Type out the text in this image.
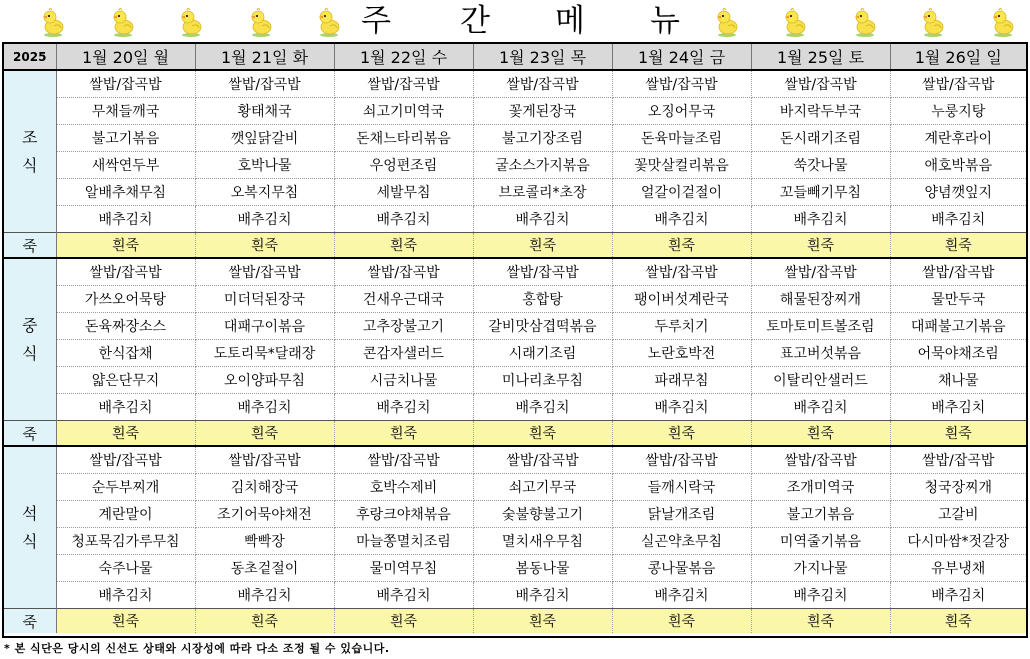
주 간 메 뉴
2025	1월 20일 월	1월 21일 화	1월 22일 수	1월 23일 목	1월 24일 금	1월 25일 토	1월 26일 일

조
식	쌀밥/잡곡밥	쌀밥/잡곡밥	쌀밥/잡곡밥	쌀밥/잡곡밥	쌀밥/잡곡밥	쌀밥/잡곡밥	쌀밥/잡곡밥
	무채들깨국	황태채국	쇠고기미역국	꽃게된장국	오징어무국	바지락두부국	누룽지탕
	불고기볶음	깻잎닭갈비	돈채느타리볶음	불고기장조림	돈육마늘조림	돈시래기조림	계란후라이
	새싹연두부	호박나물	우엉편조림	굴소스가지볶음	꽃맛살컬리볶음	쑥갓나물	애호박볶음
	알배추채무침	오복지무침	세발무침	브로콜리*초장	얼갈이겉절이	꼬들빼기무침	양념깻잎지
	배추김치	배추김치	배추김치	배추김치	배추김치	배추김치	배추김치
죽	흰죽	흰죽	흰죽	흰죽	흰죽	흰죽	흰죽

중
식	쌀밥/잡곡밥	쌀밥/잡곡밥	쌀밥/잡곡밥	쌀밥/잡곡밥	쌀밥/잡곡밥	쌀밥/잡곡밥	쌀밥/잡곡밥
	가쓰오어묵탕	미더덕된장국	건새우근대국	홍합탕	팽이버섯계란국	해물된장찌개	물만두국
	돈육짜장소스	대패구이볶음	고추장불고기	갈비맛삼겹떡볶음	두루치기	토마토미트볼조림	대패불고기볶음
	한식잡채	도토리묵*달래장	콘감자샐러드	시래기조림	노란호박전	표고버섯볶음	어묵야채조림
	얇은단무지	오이양파무침	시금치나물	미나리초무침	파래무침	이탈리안샐러드	채나물
	배추김치	배추김치	배추김치	배추김치	배추김치	배추김치	배추김치
죽	흰죽	흰죽	흰죽	흰죽	흰죽	흰죽	흰죽

석
식	쌀밥/잡곡밥	쌀밥/잡곡밥	쌀밥/잡곡밥	쌀밥/잡곡밥	쌀밥/잡곡밥	쌀밥/잡곡밥	쌀밥/잡곡밥
	순두부찌개	김치해장국	호박수제비	쇠고기무국	들깨시락국	조개미역국	청국장찌개
	계란말이	조기어묵야채전	후랑크야채볶음	숯불향불고기	닭날개조림	불고기볶음	고갈비
	청포묵김가루무침	빡빡장	마늘쫑멸치조림	멸치새우무침	실곤약초무침	미역줄기볶음	다시마쌈*젓갈장
	숙주나물	동초겉절이	물미역무침	봄동나물	콩나물볶음	가지나물	유부냉채
	배추김치	배추김치	배추김치	배추김치	배추김치	배추김치	배추김치
죽	흰죽	흰죽	흰죽	흰죽	흰죽	흰죽	흰죽
* 본 식단은 당시의 신선도 상태와 시장성에 따라 다소 조정 될 수 있습니다.
